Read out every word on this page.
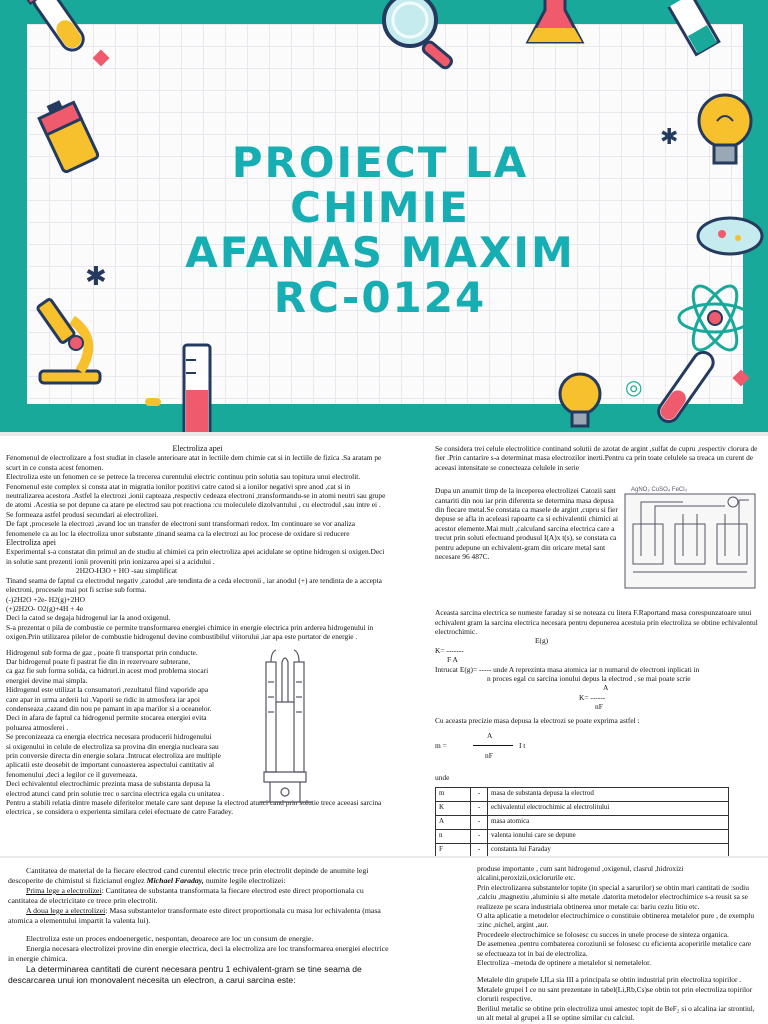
✱
✱
◎
PROIECT LA
CHIMIE
AFANAS MAXIM
RC-0124

Electroliza apei

Fenomenul de electrolizare a fost studiat in clasele anterioare atat in lectiile dem chimie cat si in lectiile de fizica .Sa aratam pe scurt in ce consta acest fenomen.

Electroliza este un fenomen ce se petrece la trecerea curentului electric continuu prin solutia sau topitura unui electrolit.

Fenomenul este complex si consta atat in migratia ionilor pozitivi catre catod si a ionilor negativi spre anod ,cat si in neutralizarea acestora .Astfel la electrozi ,ionii capteaza ,respectiv cedeaza electroni ,transformandu-se in atomi neutri sau grupe de atomi .Acestia se pot depune ca atare pe electrod sau pot reactiona :cu moleculele dizolvantului , cu electrodul ,sau intre ei . Se formeaza astfel produsi secundari ai electrolizei.

De fapt ,procesele la electrozi ,avand loc un transfer de electroni sunt transformari redox. Im continuare se vor analiza fenomenele ca au loc la electroliza unor substante ,tinand seama ca la electrozi au loc procese de oxidare si reducere

Electroliza apei

Experimental s-a constatat din primul an de studiu al chimiei ca prin electroliza apei acidulate se optine hidrogen si oxigen.Deci in solutie sant prezenti ionii proveniti prin ionizarea apei si a acidului .

2H2O-H3O + HO -sau simplificat

Tinand seama de faptul ca electrodul negativ ,catodul ,are tendinta de a ceda electronii , iar anodul (+) are tendinta de a accepta electroni, procesele mai pot fi scrise sub forma.

(-)2H2O +2e- H2(g)+2HO

(+)2H2O- O2(g)+4H + 4e

Deci la catod se degaja hidrogenul iar la anod oxigenul.

S-a prezentat o pila de combustie ce permite transformarea energiei chimice in energie electrica prin arderea hidrogenului in oxigen.Prin utilizarea pilelor de combustie hidrogenul devine combustibilul viitorului ,iar apa este purtator de energie .

Hidrogenul sub forma de gaz , poate fi transportat prin conducte.

Dar hidrogenul poate fi pastrat fie din in rezervoare subterane,

ca gaz fie sub forma solida, ca hidruri.in acest mod problema stocari

energiei devine mai simpla.

Hidrogenul este utilizat la consumatori ,rezultatul fiind vaporide apa

care apar in urma arderii lui .Vaporii se ridic in atmosfera iar apoi

condenseaza ,cazand din nou pe pamant in apa marilor si a oceanelor.

Deci in afara de faptul ca hidrogenul permite stocarea energiei evita

poluarea atmosferei .

Se preconizeaza ca energia electrica necesara producerii hidrogenului

si oxigenului in celule de electroliza sa provina din energia nucleara sau

prin conversie directa din energie solara .Intrucat electroliza are multiple

aplicatii este deosebit de important cunoasterea aspectului cantitativ al

fenomenului ,deci a legilor ce il guverneaza.

Deci echivalentul electrochimic prezinta masa de substanta depusa la

electrod atunci cand prin solutie trec o sarcina electrica egala cu unitatea .

Pentru a stabili relatia dintre masele diferitelor metale care sant depuse la electrod atunci cand prin solutie trece aceeasi sarcina electrica , se considera o experienta similara celei efectuate de catre Faradey.

Se considera trei celule electrolitice continand solutii de azotat de argint ,sulfat de cupru ,respectiv clorura de fier .Prin cantarire s-a determinat masa electrozilor inerti.Pentru ca prin toate celulele sa treaca un curent de aceeasi intensitate se conecteaza celulele in serie

Dupa un anumit timp de la inceperea electrolizei Catozii sant cantariti din nou iar prin diferenta se determina masa depusa din fiecare metal.Se constata ca masele de argint ,cupru si fier depuse se afla in aceleasi rapoarte ca si echivalentii chimici ai acestor elemente.Mai mult ,calculand sarcina electrica care a trecut prin soluti efectuand produsul I(A)x t(s), se constata ca pentru adepune un echivalent-gram din oricare metal sant necesare 96 487C.

AgNO₃ CuSO₄ FeCl₃

Aceasta sarcina electrica se numeste faraday si se noteaza cu litera F.Raportand masa corespunzatoare unui echivalent gram la sarcina electrica necesara pentru depunerea acestuia prin electroliza se obtine echivalentul electrochimic.

E(g)

K= -------

F A

Intrucat E(g)= ----- unde A reprezinta masa atomica iar n numarul de electroni inplicati in

n proces egal cu sarcina ionului depus la electrod , se mai poate scrie

A

K= ------

nF

Cu aceasta precizie masa depusa la electrozi se poate exprima astfel :

A
m =	I t
nF

unde

m	-	masa de substanta depusa la electrod
K	-	echivalentul electrochimic al electrolitului
A	-	masa atomica
n	-	valenta ionului care se depune
F	-	constanta lui Faraday

Cantitatea de material de la fiecare electrod cand curentul electric trece prin electrolit depinde de anumite legi descoperite de chimistul si fizicianul englez Michael Faraday, numite legile electrolizei:

Prima lege a electrolizei: Cantitatea de substanta transformata la fiecare electrod este direct proportionala cu cantitatea de electricitate ce trece prin electrolit.

A doua lege a electrolizei: Masa substantelor transformate este direct proportionala cu masa lor echivalenta (masa atomica a elementului impartit la valenta lui).

Electroliza este un proces endoenergetic, nespontan, deoarece are loc un consum de energie.

Energia necesara electrolizei provine din energie electrica, deci la electroliza are loc transformarea energiei electrice in energie chimica.

La determinarea cantitati de curent necesara pentru 1 echivalent-gram se tine seama de descarcarea unui ion monovalent necesita un electron, a carui sarcina este:

produse importante , cum sant hidrogenul ,oxigenul, clasrul ,hidroxizi alcalini,peroxizii,oxiclorurile etc.

Prin electrolizarea substantelor topite (in special a sarurilor) se obtin mari cantitati de :sodiu ,calciu ,magneziu ,aluminiu si alte metale .datorita metodelor electrochimice s-a reusit sa se realizeze pe scara industriala obtinerea unor metale ca: bariu ceziu litiu etc.

O alta aplicatie a metodelor electrochimice o constituie obtinerea metalelor pure , de exemplu :zinc ,nichel, argint ,aur.

Procedeele electrochimice se folosesc cu succes in unele procese de sinteza organica.

De asemenea ,pentru combaterea coroziunii se folosesc cu eficienta acoperirile metalice care se efectueaza tot in bai de electroliza.

Electroliza –metoda de optinere a metalelor si nemetalelor.

Metalele din grupele I,II,a sia III a principala se obtin industrial prin electroliza topirilor . Metalele grupei I ce nu sant prezentate in tabel(Li,Rb,Cs)se obtin tot prin electroliza topirilor clorurii respective.

Beriliul metalic se obtine prin electroliza unui amestec topit de BeF₂ si o alcalina iar strontiul, un alt metal al grupei a II se optine similar cu calciul.
